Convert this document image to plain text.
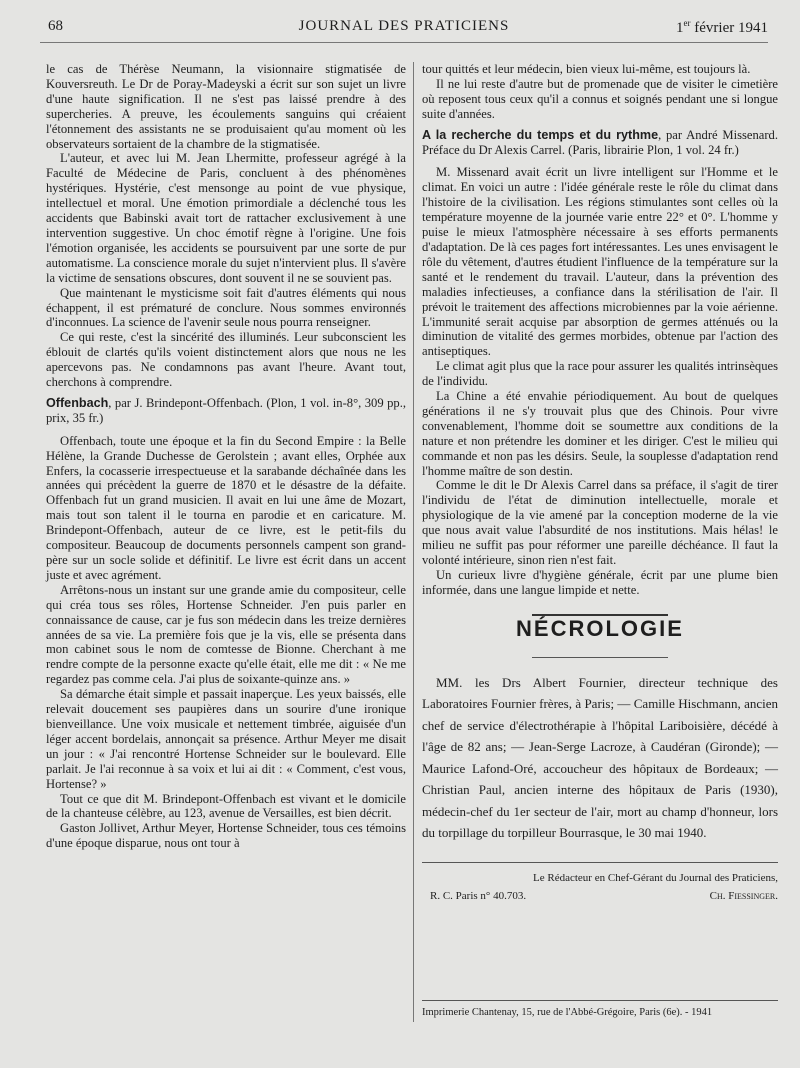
68	JOURNAL DES PRATICIENS	1er février 1941

le cas de Thérèse Neumann, la visionnaire stigmatisée de Kouversreuth. Le Dr de Poray-Madeyski a écrit sur son sujet un livre d'une haute signification. Il ne s'est pas laissé prendre à des supercheries. A preuve, les écoulements sanguins qui créaient l'étonnement des assistants ne se produisaient qu'au moment où les observateurs sortaient de la chambre de la stigmatisée.

L'auteur, et avec lui M. Jean Lhermitte, professeur agrégé à la Faculté de Médecine de Paris, concluent à des phénomènes hystériques. Hystérie, c'est mensonge au point de vue physique, intellectuel et moral. Une émotion primordiale a déclenché tous les accidents que Babinski avait tort de rattacher exclusivement à une intervention suggestive. Un choc émotif règne à l'origine. Une fois l'émotion organisée, les accidents se poursuivent par une sorte de pur automatisme. La conscience morale du sujet n'intervient plus. Il s'avère la victime de sensations obscures, dont souvent il ne se souvient pas.

Que maintenant le mysticisme soit fait d'autres éléments qui nous échappent, il est prématuré de conclure. Nous sommes environnés d'inconnues. La science de l'avenir seule nous pourra renseigner.

Ce qui reste, c'est la sincérité des illuminés. Leur subconscient les éblouit de clartés qu'ils voient distinctement alors que nous ne les apercevons pas. Ne condamnons pas avant l'heure. Avant tout, cherchons à comprendre.

Offenbach, par J. Brindepont-Offenbach. (Plon, 1 vol. in-8°, 309 pp., prix, 35 fr.)

Offenbach, toute une époque et la fin du Second Empire : la Belle Hélène, la Grande Duchesse de Gerolstein ; avant elles, Orphée aux Enfers, la cocasserie irrespectueuse et la sarabande déchaînée dans les années qui précèdent la guerre de 1870 et le désastre de la défaite. Offenbach fut un grand musicien. Il avait en lui une âme de Mozart, mais tout son talent il le tourna en parodie et en caricature. M. Brindepont-Offenbach, auteur de ce livre, est le petit-fils du compositeur. Beaucoup de documents personnels campent son grand-père sur un socle solide et définitif. Le livre est écrit dans un accent juste et avec agrément.

Arrêtons-nous un instant sur une grande amie du compositeur, celle qui créa tous ses rôles, Hortense Schneider. J'en puis parler en connaissance de cause, car je fus son médecin dans les treize dernières années de sa vie. La première fois que je la vis, elle se présenta dans mon cabinet sous le nom de comtesse de Bionne. Cherchant à me rendre compte de la personne exacte qu'elle était, elle me dit : « Ne me regardez pas comme cela. J'ai plus de soixante-quinze ans. »

Sa démarche était simple et passait inaperçue. Les yeux baissés, elle relevait doucement ses paupières dans un sourire d'une ironique bienveillance. Une voix musicale et nettement timbrée, aiguisée d'un léger accent bordelais, annonçait sa présence. Arthur Meyer me disait un jour : « J'ai rencontré Hortense Schneider sur le boulevard. Elle parlait. Je l'ai reconnue à sa voix et lui ai dit : « Comment, c'est vous, Hortense? »

Tout ce que dit M. Brindepont-Offenbach est vivant et le domicile de la chanteuse célèbre, au 123, avenue de Versailles, est bien décrit.

Gaston Jollivet, Arthur Meyer, Hortense Schneider, tous ces témoins d'une époque disparue, nous ont tour à

tour quittés et leur médecin, bien vieux lui-même, est toujours là.

Il ne lui reste d'autre but de promenade que de visiter le cimetière où reposent tous ceux qu'il a connus et soignés pendant une si longue suite d'années.

A la recherche du temps et du rythme, par André Missenard. Préface du Dr Alexis Carrel. (Paris, librairie Plon, 1 vol. 24 fr.)

M. Missenard avait écrit un livre intelligent sur l'Homme et le climat. En voici un autre : l'idée générale reste le rôle du climat dans l'histoire de la civilisation. Les régions stimulantes sont celles où la température moyenne de la journée varie entre 22° et 0°. L'homme y puise le mieux l'atmosphère nécessaire à ses efforts permanents d'adaptation. De là ces pages fort intéressantes. Les unes envisagent le rôle du vêtement, d'autres étudient l'influence de la température sur la santé et le rendement du travail. L'auteur, dans la prévention des maladies infectieuses, a confiance dans la stérilisation de l'air. Il prévoit le traitement des affections microbiennes par la voie aérienne. L'immunité serait acquise par absorption de germes atténués ou la diminution de vitalité des germes morbides, obtenue par l'action des antiseptiques.

Le climat agit plus que la race pour assurer les qualités intrinsèques de l'individu.

La Chine a été envahie périodiquement. Au bout de quelques générations il ne s'y trouvait plus que des Chinois. Pour vivre convenablement, l'homme doit se soumettre aux conditions de la nature et non prétendre les dominer et les diriger. C'est le milieu qui commande et non pas les désirs. Seule, la souplesse d'adaptation rend l'homme maître de son destin.

Comme le dit le Dr Alexis Carrel dans sa préface, il s'agit de tirer l'individu de l'état de diminution intellectuelle, morale et physiologique de la vie amené par la conception moderne de la vie que nous avait value l'absurdité de nos institutions. Mais hélas! le milieu ne suffit pas pour réformer une pareille déchéance. Il faut la volonté intérieure, sinon rien n'est fait.

Un curieux livre d'hygiène générale, écrit par une plume bien informée, dans une langue limpide et nette.

NÉCROLOGIE

MM. les Drs Albert Fournier, directeur technique des Laboratoires Fournier frères, à Paris; — Camille Hischmann, ancien chef de service d'électrothérapie à l'hôpital Lariboisière, décédé à l'âge de 82 ans; — Jean-Serge Lacroze, à Caudéran (Gironde); — Maurice Lafond-Oré, accoucheur des hôpitaux de Bordeaux; — Christian Paul, ancien interne des hôpitaux de Paris (1930), médecin-chef du 1er secteur de l'air, mort au champ d'honneur, lors du torpillage du torpilleur Bourrasque, le 30 mai 1940.

Le Rédacteur en Chef-Gérant du Journal des Praticiens,
R. C. Paris n° 40.703.	Ch. Fiessinger.
Imprimerie Chantenay, 15, rue de l'Abbé-Grégoire, Paris (6e). - 1941
